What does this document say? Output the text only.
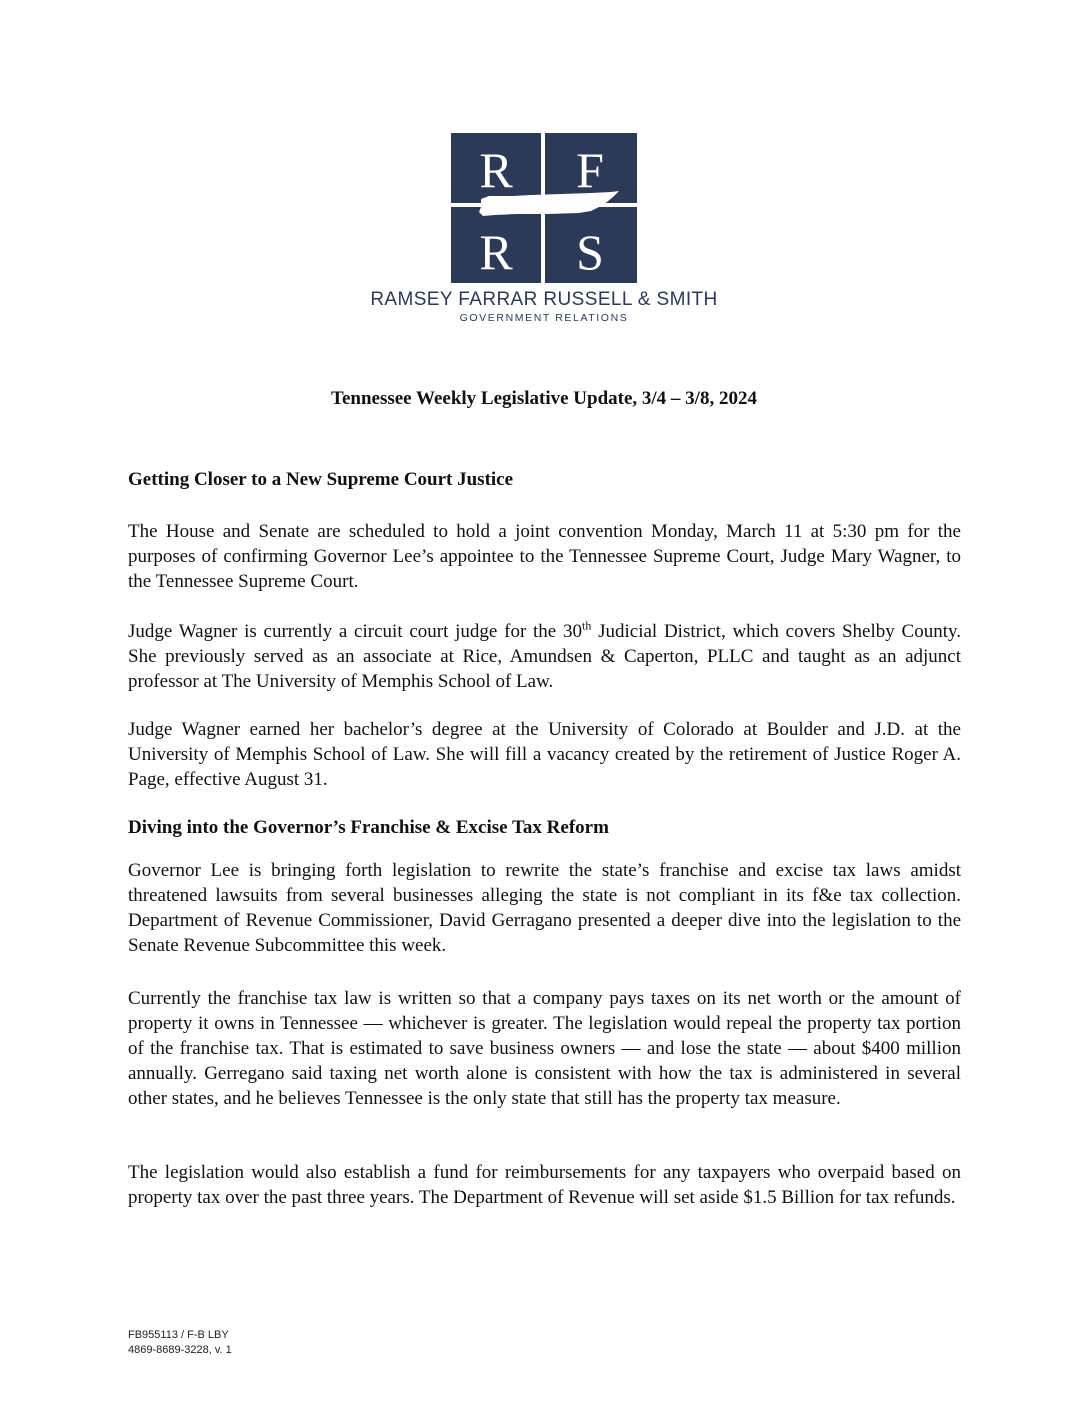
R F
R S
RAMSEY FARRAR RUSSELL & SMITH
GOVERNMENT RELATIONS
Tennessee Weekly Legislative Update, 3/4 – 3/8, 2024
Getting Closer to a New Supreme Court Justice

The House and Senate are scheduled to hold a joint convention Monday, March 11 at 5:30 pm for the purposes of confirming Governor Lee’s appointee to the Tennessee Supreme Court, Judge Mary Wagner, to the Tennessee Supreme Court.

Judge Wagner is currently a circuit court judge for the 30th Judicial District, which covers Shelby County. She previously served as an associate at Rice, Amundsen & Caperton, PLLC and taught as an adjunct professor at The University of Memphis School of Law.

Judge Wagner earned her bachelor’s degree at the University of Colorado at Boulder and J.D. at the University of Memphis School of Law. She will fill a vacancy created by the retirement of Justice Roger A. Page, effective August 31.

Diving into the Governor’s Franchise & Excise Tax Reform

Governor Lee is bringing forth legislation to rewrite the state’s franchise and excise tax laws amidst threatened lawsuits from several businesses alleging the state is not compliant in its f&e tax collection. Department of Revenue Commissioner, David Gerragano presented a deeper dive into the legislation to the Senate Revenue Subcommittee this week.

Currently the franchise tax law is written so that a company pays taxes on its net worth or the amount of property it owns in Tennessee — whichever is greater. The legislation would repeal the property tax portion of the franchise tax. That is estimated to save business owners — and lose the state — about $400 million annually. Gerregano said taxing net worth alone is consistent with how the tax is administered in several other states, and he believes Tennessee is the only state that still has the property tax measure.

The legislation would also establish a fund for reimbursements for any taxpayers who overpaid based on property tax over the past three years. The Department of Revenue will set aside $1.5 Billion for tax refunds.

FB955113 / F-B LBY
4869-8689-3228, v. 1
